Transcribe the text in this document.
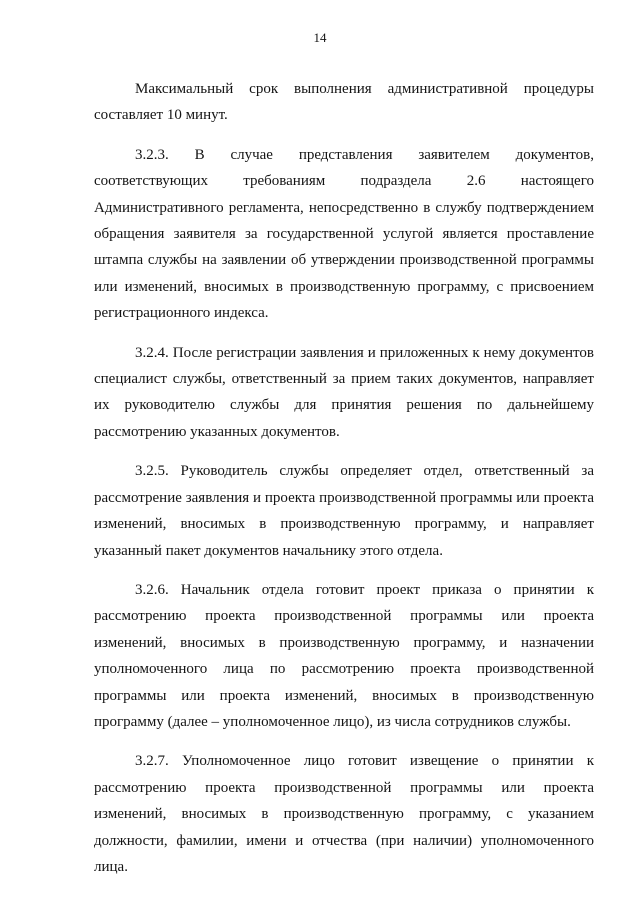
14

Максимальный срок выполнения административной процедуры составляет 10 минут.

3.2.3. В случае представления заявителем документов, соответствующих требованиям подраздела 2.6 настоящего Административного регламента, непосредственно в службу подтверждением обращения заявителя за государственной услугой является проставление штампа службы на заявлении об утверждении производственной программы или изменений, вносимых в производственную программу, с присвоением регистрационного индекса.

3.2.4. После регистрации заявления и приложенных к нему документов специалист службы, ответственный за прием таких документов, направляет их руководителю службы для принятия решения по дальнейшему рассмотрению указанных документов.

3.2.5. Руководитель службы определяет отдел, ответственный за рассмотрение заявления и проекта производственной программы или проекта изменений, вносимых в производственную программу, и направляет указанный пакет документов начальнику этого отдела.

3.2.6. Начальник отдела готовит проект приказа о принятии к рассмотрению проекта производственной программы или проекта изменений, вносимых в производственную программу, и назначении уполномоченного лица по рассмотрению проекта производственной программы или проекта изменений, вносимых в производственную программу (далее – уполномоченное лицо), из числа сотрудников службы.

3.2.7. Уполномоченное лицо готовит извещение о принятии к рассмотрению проекта производственной программы или проекта изменений, вносимых в производственную программу, с указанием должности, фамилии, имени и отчества (при наличии) уполномоченного лица.
